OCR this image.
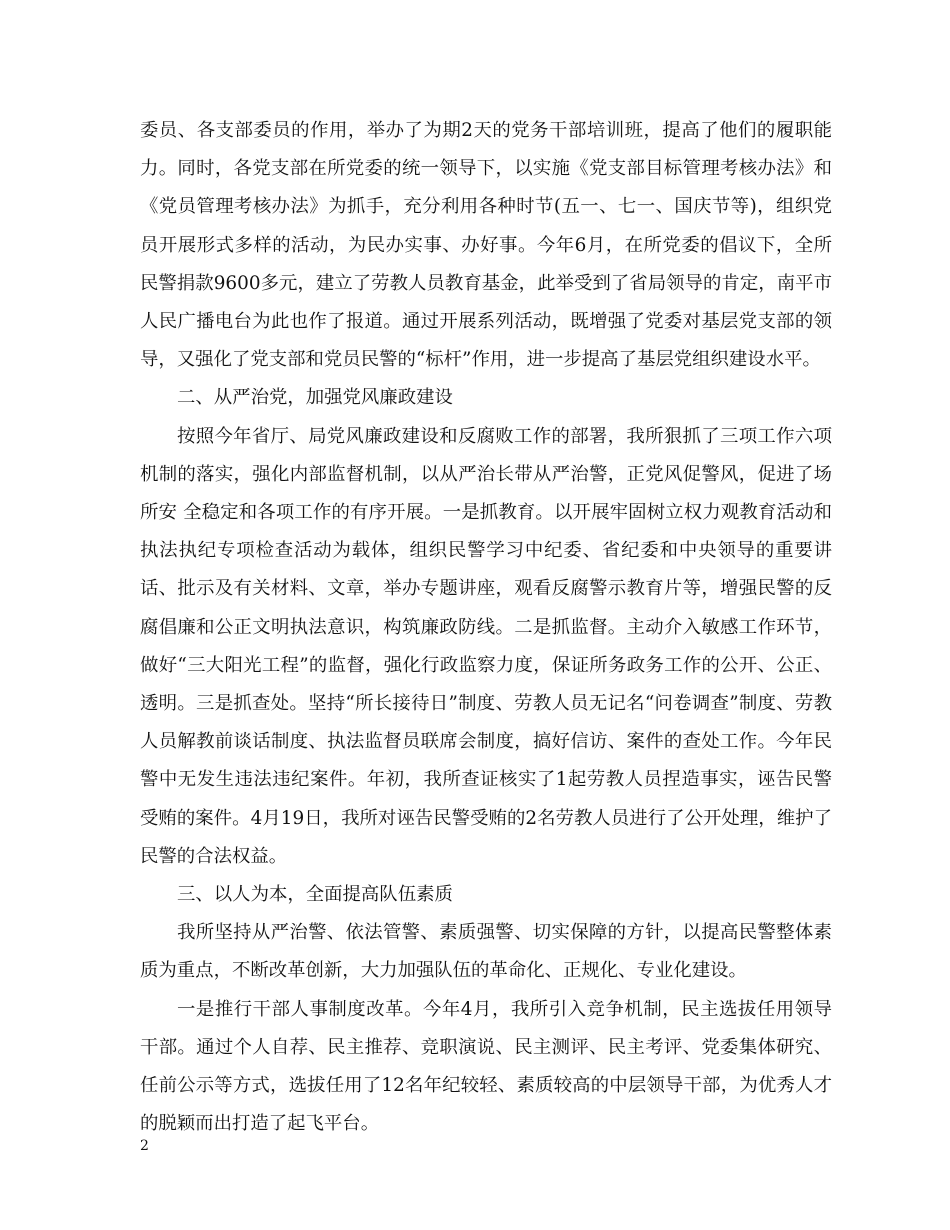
委员、各支部委员的作用，举办了为期2天的党务干部培训班，提高了他们的履职能力。同时，各党支部在所党委的统一领导下，以实施《党支部目标管理考核办法》和《党员管理考核办法》为抓手，充分利用各种时节(五一、七一、国庆节等)，组织党员开展形式多样的活动，为民办实事、办好事。今年6月，在所党委的倡议下，全所民警捐款9600多元，建立了劳教人员教育基金，此举受到了省局领导的肯定，南平市人民广播电台为此也作了报道。通过开展系列活动，既增强了党委对基层党支部的领导，又强化了党支部和党员民警的“标杆”作用，进一步提高了基层党组织建设水平。

二、从严治党，加强党风廉政建设

按照今年省厅、局党风廉政建设和反腐败工作的部署，我所狠抓了三项工作六项机制的落实，强化内部监督机制，以从严治长带从严治警，正党风促警风，促进了场所安 全稳定和各项工作的有序开展。一是抓教育。以开展牢固树立权力观教育活动和执法执纪专项检查活动为载体，组织民警学习中纪委、省纪委和中央领导的重要讲话、批示及有关材料、文章，举办专题讲座，观看反腐警示教育片等，增强民警的反腐倡廉和公正文明执法意识，构筑廉政防线。二是抓监督。主动介入敏感工作环节，做好“三大阳光工程”的监督，强化行政监察力度，保证所务政务工作的公开、公正、透明。三是抓查处。坚持“所长接待日”制度、劳教人员无记名“问卷调查”制度、劳教人员解教前谈话制度、执法监督员联席会制度，搞好信访、案件的查处工作。今年民警中无发生违法违纪案件。年初，我所查证核实了1起劳教人员捏造事实，诬告民警受贿的案件。4月19日，我所对诬告民警受贿的2名劳教人员进行了公开处理，维护了民警的合法权益。

三、以人为本，全面提高队伍素质

我所坚持从严治警、依法管警、素质强警、切实保障的方针，以提高民警整体素质为重点，不断改革创新，大力加强队伍的革命化、正规化、专业化建设。

一是推行干部人事制度改革。今年4月，我所引入竞争机制，民主选拔任用领导干部。通过个人自荐、民主推荐、竞职演说、民主测评、民主考评、党委集体研究、任前公示等方式，选拔任用了12名年纪较轻、素质较高的中层领导干部，为优秀人才的脱颖而出打造了起飞平台。

2
